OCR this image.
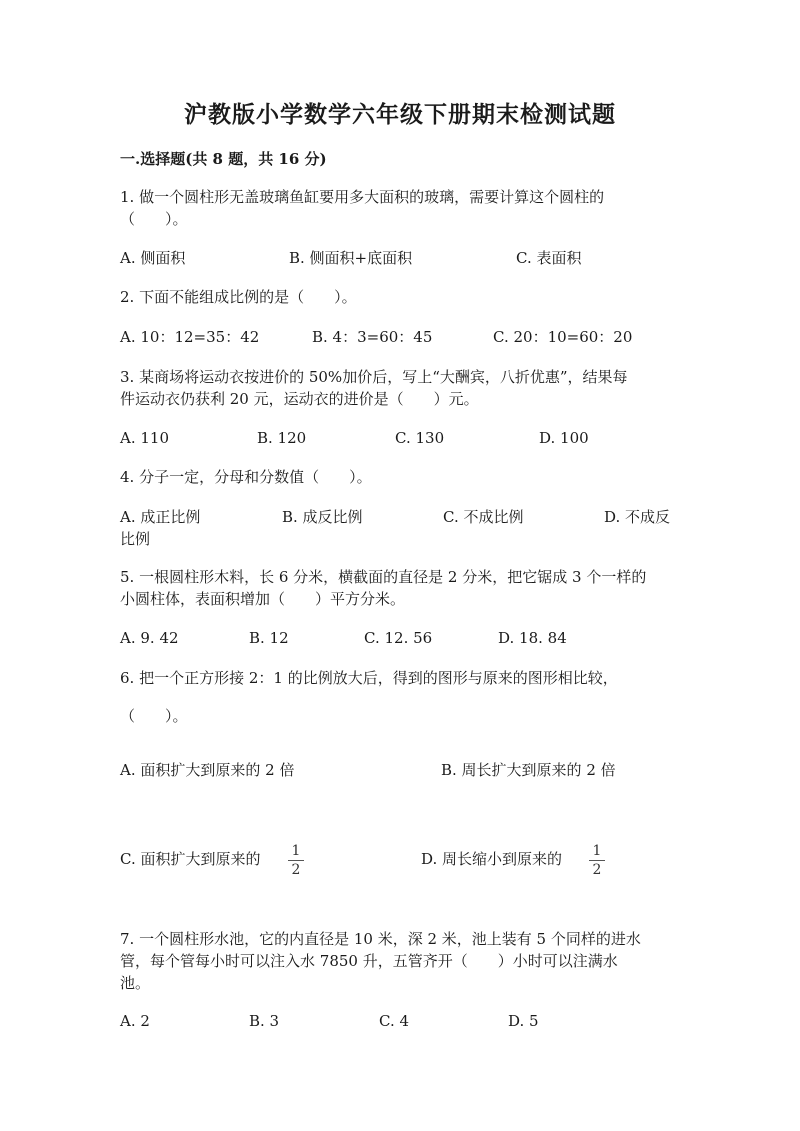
沪教版小学数学六年级下册期末检测试题
一.选择题(共 8 题，共 16 分)
1. 做一个圆柱形无盖玻璃鱼缸要用多大面积的玻璃，需要计算这个圆柱的
（　　）。
A. 侧面积	B. 侧面积+底面积	C. 表面积
2. 下面不能组成比例的是（　　）。
A. 10：12=35：42	B. 4：3=60：45	C. 20：10=60：20
3. 某商场将运动衣按进价的 50%加价后，写上“大酬宾，八折优惠”，结果每
件运动衣仍获利 20 元，运动衣的进价是（　　）元。
A. 110	B. 120	C. 130	D. 100
4. 分子一定，分母和分数值（　　）。
A. 成正比例	B. 成反比例	C. 不成比例	D. 不成反
比例
5. 一根圆柱形木料，长 6 分米，横截面的直径是 2 分米，把它锯成 3 个一样的
小圆柱体，表面积增加（　　）平方分米。
A. 9. 42	B. 12	C. 12. 56	D. 18. 84
6. 把一个正方形接 2：1 的比例放大后，得到的图形与原来的图形相比较，
（　　）。
A. 面积扩大到原来的 2 倍	B. 周长扩大到原来的 2 倍
C. 面积扩大到原来的 1
2
D. 周长缩小到原来的 1
2
7. 一个圆柱形水池，它的内直径是 10 米，深 2 米，池上装有 5 个同样的进水
管，每个管每小时可以注入水 7850 升，五管齐开（　　）小时可以注满水
池。
A. 2	B. 3	C. 4	D. 5
